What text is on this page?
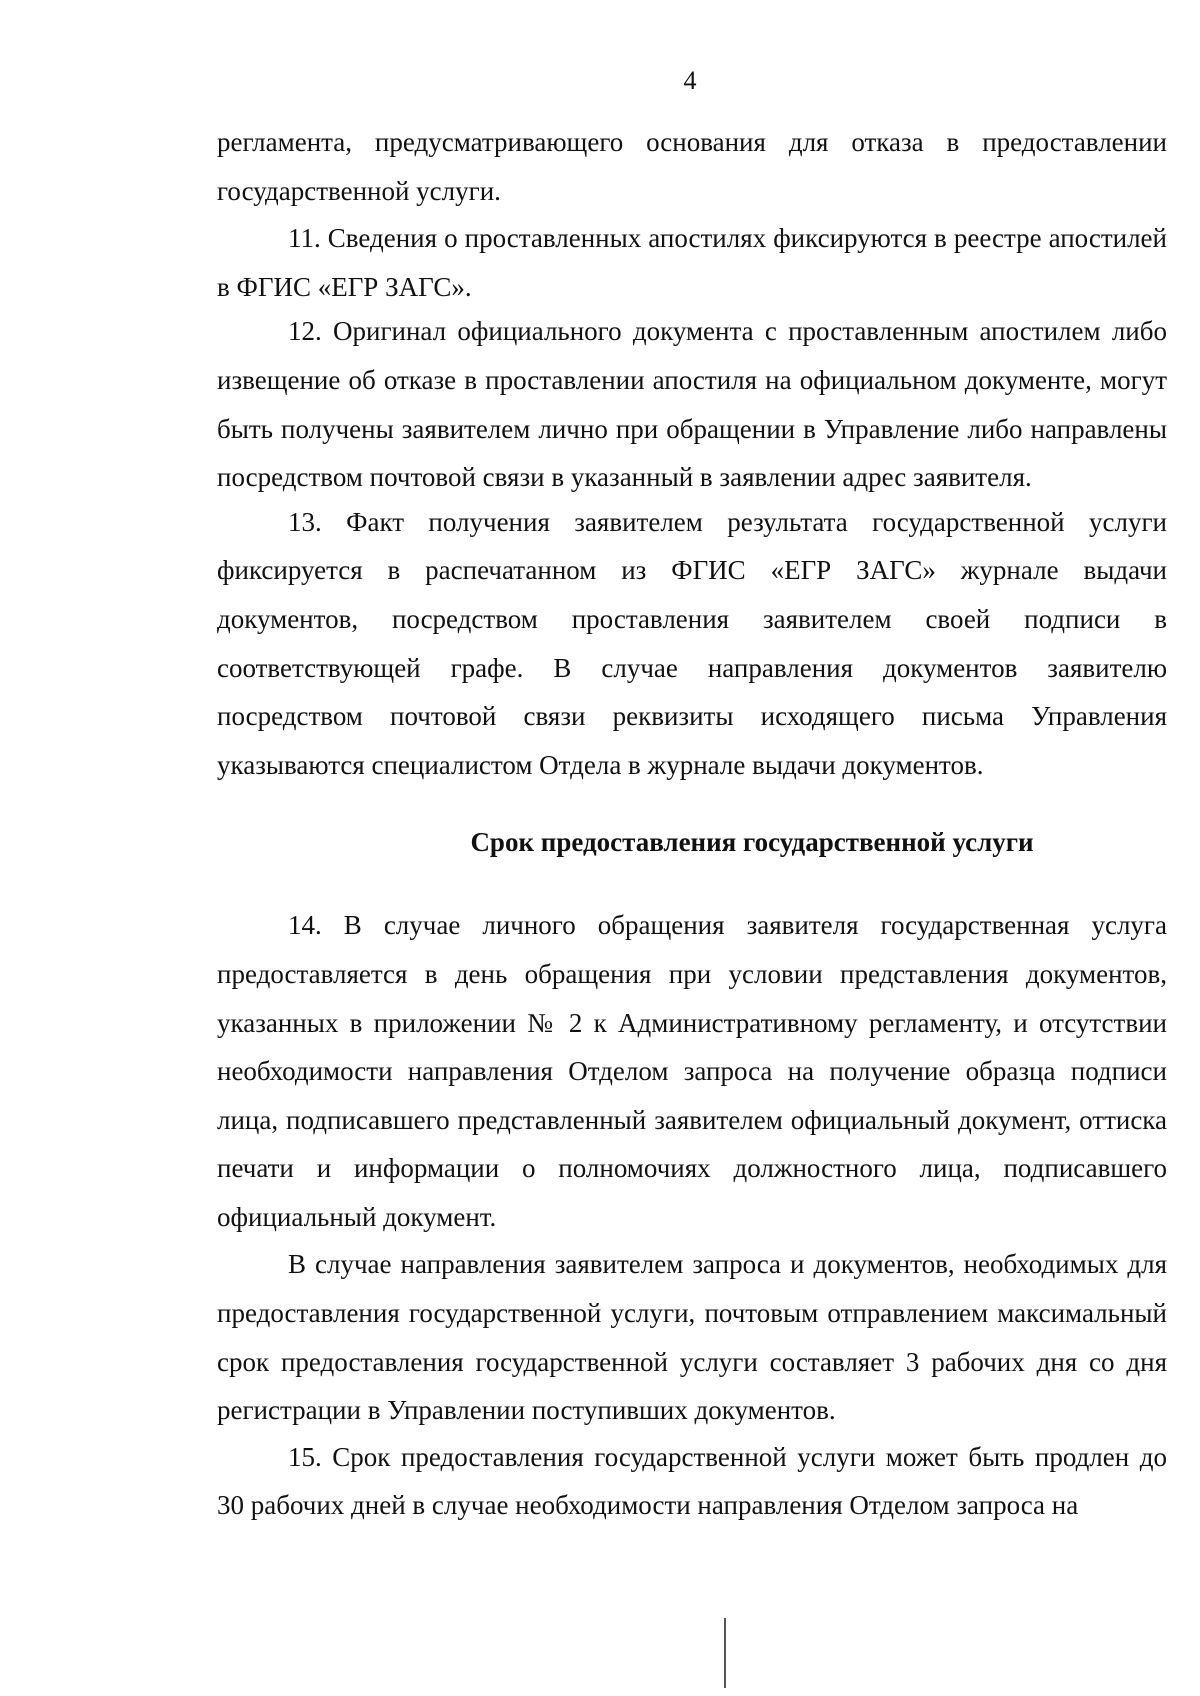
4

регламента, предусматривающего основания для отказа в предоставлении государственной услуги.

11. Сведения о проставленных апостилях фиксируются в реестре апостилей в ФГИС «ЕГР ЗАГС».

12. Оригинал официального документа с проставленным апостилем либо извещение об отказе в проставлении апостиля на официальном документе, могут быть получены заявителем лично при обращении в Управление либо направлены посредством почтовой связи в указанный в заявлении адрес заявителя.

13. Факт получения заявителем результата государственной услуги фиксируется в распечатанном из ФГИС «ЕГР ЗАГС» журнале выдачи документов, посредством проставления заявителем своей подписи в соответствующей графе. В случае направления документов заявителю посредством почтовой связи реквизиты исходящего письма Управления указываются специалистом Отдела в журнале выдачи документов.

Срок предоставления государственной услуги

14. В случае личного обращения заявителя государственная услуга предоставляется в день обращения при условии представления документов, указанных в приложении № 2 к Административному регламенту, и отсутствии необходимости направления Отделом запроса на получение образца подписи лица, подписавшего представленный заявителем официальный документ, оттиска печати и информации о полномочиях должностного лица, подписавшего официальный документ.

В случае направления заявителем запроса и документов, необходимых для предоставления государственной услуги, почтовым отправлением максимальный срок предоставления государственной услуги составляет 3 рабочих дня со дня регистрации в Управлении поступивших документов.

15. Срок предоставления государственной услуги может быть продлен до 30 рабочих дней в случае необходимости направления Отделом запроса на
